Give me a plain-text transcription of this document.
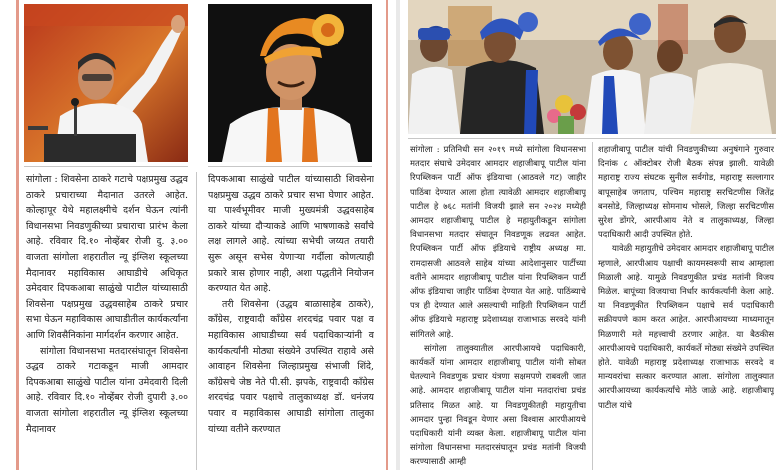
सांगोला : शिवसेना ठाकरे गटाचे पक्षप्रमुख उद्धव ठाकरे प्रचाराच्या मैदानात उतरले आहेत. कोल्हापूर येथे महालक्ष्मीचे दर्शन घेऊन त्यांनी विधानसभा निवडणुकीच्या प्रचाराचा प्रारंभ केला आहे. रविवार दि.१० नोव्हेंबर रोजी दु. ३.०० वाजता सांगोला शहरातील न्यू इंग्लिश स्कूलच्या मैदानावर महाविकास आघाडीचे अधिकृत उमेदवार दिपकआबा साळुंखे पाटील यांच्यासाठी शिवसेना पक्षप्रमुख उद्धवसाहेब ठाकरे प्रचार सभा घेऊन महाविकास आघाडीतील कार्यकर्त्यांना आणि शिवसैनिकांना मार्गदर्शन करणार आहेत.

सांगोला विधानसभा मतदारसंघातून शिवसेना उद्धव ठाकरे गटाकडून माजी आमदार दिपकआबा साळुंखे पाटील यांना उमेदवारी दिली आहे. रविवार दि.१० नोव्हेंबर रोजी दुपारी ३.०० वाजता सांगोला शहरातील न्यू इंग्लिश स्कूलच्या मैदानावर

दिपकआबा साळुंखे पाटील यांच्यासाठी शिवसेना पक्षप्रमुख उद्धव ठाकरे प्रचार सभा घेणार आहेत. या पार्श्वभूमीवर माजी मुख्यमंत्री उद्धवसाहेब ठाकरे यांच्या दौऱ्याकडे आणि भाषणाकडे सर्वांचे लक्ष लागले आहे. त्यांच्या सभेची जय्यत तयारी सुरू असून सभेस येणाऱ्या गर्दीला कोणत्याही प्रकारे त्रास होणार नाही, अशा पद्धतीने नियोजन करण्यात येत आहे.

तरी शिवसेना (उद्धव बाळासाहेब ठाकरे), काँग्रेस, राष्ट्रवादी काँग्रेस शरदचंद्र पवार पक्ष व महाविकास आघाडीच्या सर्व पदाधिकाऱ्यांनी व कार्यकर्त्यांनी मोठ्या संख्येने उपस्थित राहावे असे आवाहन शिवसेना जिल्हाप्रमुख संभाजी शिंदे, काँग्रेसचे जेष्ठ नेते पी.सी. झपके, राष्ट्रवादी काँग्रेस शरदचंद्र पवार पक्षाचे तालुकाध्यक्ष डॉ. धनंजय पवार व महाविकास आघाडी सांगोला तालुका यांच्या वतीने करण्यात

सांगोला : प्रतिनिधी सन २०१९ मध्ये सांगोला विधानसभा मतदार संघाचे उमेदवार आमदार शहाजीबापू पाटील यांना रिपब्लिकन पार्टी ऑफ इंडियाचा (आठवले गट) जाहीर पाठिंबा देण्यात आला होता त्यावेळी आमदार शहाजीबापू पाटील हे ७६८ मतांनी विजयी झाले सन २०२४ मध्येही आमदार शहाजीबापू पाटील हे महायुतीकडून सांगोला विधानसभा मतदार संघातून निवडणूक लढवत आहेत. रिपब्लिकन पार्टी ऑफ इंडियाचे राष्ट्रीय अध्यक्ष मा. रामदासजी आठवले साहेब यांच्या आदेशानुसार पार्टीच्या वतीने आमदार शहाजीबापू पाटील यांना रिपब्लिकन पार्टी ऑफ इंडियाचा जाहीर पाठिंबा देण्यात येत आहे. पाठिंब्याचे पत्र ही देण्यात आले असल्याची माहिती रिपब्लिकन पार्टी ऑफ इंडियाचे महाराष्ट्र प्रदेशाध्यक्ष राजाभाऊ सरवदे यांनी सांगितले आहे.

सांगोला तालुक्यातील आरपीआयचे पदाधिकारी, कार्यकर्ते यांना आमदार शहाजीबापू पाटील यांनी सोबत घेतल्याने निवडणुक प्रचार यंत्रणा सक्षमपणे राबवली जात आहे. आमदार शहाजीबापू पाटील यांना मतदारांचा प्रचंड प्रतिसाद मिळत आहे. या निवडणुकीतही महायुतीचा आमदार पुन्हा निवडून येणार असा विश्वास आरपीआयचे पदाधिकारी यांनी व्यक्त केला. शहाजीबापू पाटील यांना सांगोला विधानसभा मतदारसंघातून प्रचंड मतांनी विजयी करण्यासाठी आम्ही

शहाजीबापू पाटील यांची निवडणुकीच्या अनुषंगाने गुरुवार दिनांक ८ ऑक्टोबर रोजी बैठक संपन्न झाली. यावेळी महाराष्ट्र राज्य संघटक सुनील सर्वगोड, महाराष्ट्र सल्लागार बापूसाहेब जगताप, पश्चिम महाराष्ट्र सरचिटणीस जितेंद्र बनसोडे, जिल्हाध्यक्ष सोमनाथ भोसले, जिल्हा सरचिटणीस सुरेश डोंगरे, आरपीआय नेते व तालुकाध्यक्ष, जिल्हा पदाधिकारी आदी उपस्थित होते.

यावेळी महायुतीचे उमेदवार आमदार शहाजीबापू पाटील म्हणाले, आरपीआय पक्षाची कायमस्वरूपी साथ आम्हाला मिळाली आहे. यामुळे निवडणुकीत प्रचंड मतांनी विजय मिळेल. बापूंच्या विजयाचा निर्धार कार्यकर्त्यांनी केला आहे. या निवडणुकीत रिपब्लिकन पक्षाचे सर्व पदाधिकारी सक्रीयपणे काम करत आहेत. आरपीआयच्या माध्यमातून मिळणारी मते महत्त्वाची ठरणार आहेत. या बैठकीस आरपीआयचे पदाधिकारी, कार्यकर्ते मोठ्या संख्येने उपस्थित होते. यावेळी महाराष्ट्र प्रदेशाध्यक्ष राजाभाऊ सरवदे व मान्यवरांचा सत्कार करण्यात आला. सांगोला तालुक्यात आरपीआयच्या कार्यकर्त्यांचे मोठे जाळे आहे. शहाजीबापू पाटील यांचे
